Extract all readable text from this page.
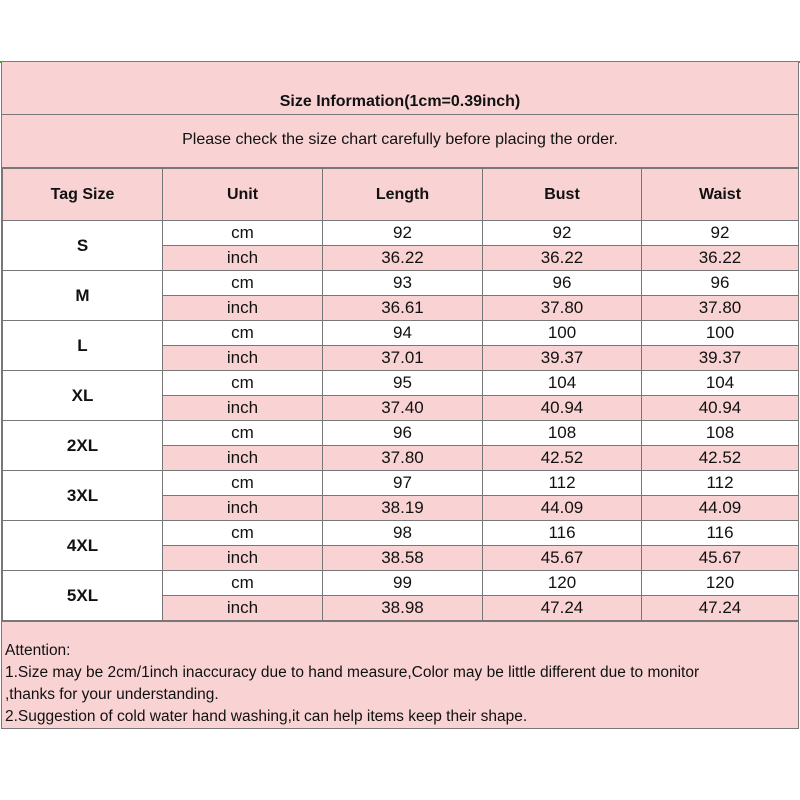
Size Information(1cm=0.39inch)
Please check the size chart carefully before placing the order.
Tag Size	Unit	Length	Bust	Waist
S	cm	92	92	92
	inch	36.22	36.22	36.22
M	cm	93	96	96
	inch	36.61	37.80	37.80
L	cm	94	100	100
	inch	37.01	39.37	39.37
XL	cm	95	104	104
	inch	37.40	40.94	40.94
2XL	cm	96	108	108
	inch	37.80	42.52	42.52
3XL	cm	97	112	112
	inch	38.19	44.09	44.09
4XL	cm	98	116	116
	inch	38.58	45.67	45.67
5XL	cm	99	120	120
	inch	38.98	47.24	47.24
Attention:
1.Size may be 2cm/1inch inaccuracy due to hand measure,Color may be little different due to monitor
,thanks for your understanding.
2.Suggestion of cold water hand washing,it can help items keep their shape.
